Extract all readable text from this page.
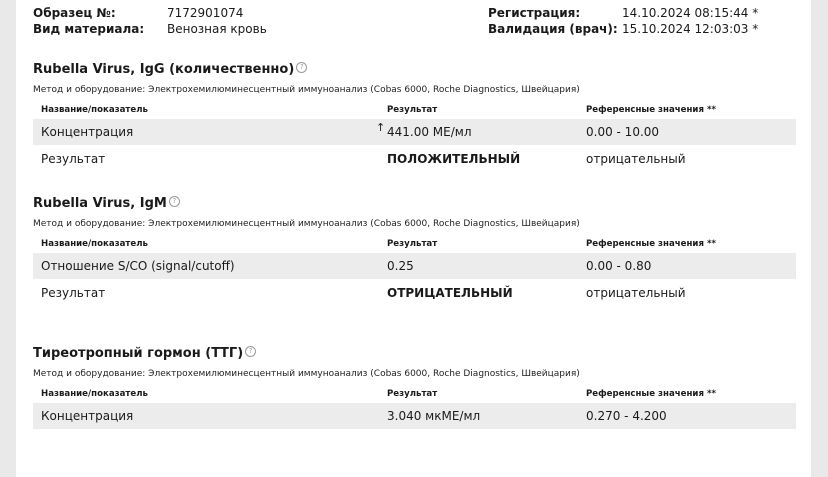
Образец №:	7172901074
Вид материала: Венозная кровь
Регистрация:	14.10.2024 08:15:44 *
Валидация (врач): 15.10.2024 12:03:03 *
Rubella Virus, IgG (количественно) ?
Метод и оборудование: Электрохемилюминесцентный иммуноанализ (Cobas 6000, Roche Diagnostics, Швейцария)
Название/показатель	Результат	Референсные значения **
Концентрация	↑ 441.00 МЕ/мл	0.00 - 10.00
Результат	ПОЛОЖИТЕЛЬНЫЙ	отрицательный
Rubella Virus, IgM ?
Метод и оборудование: Электрохемилюминесцентный иммуноанализ (Cobas 6000, Roche Diagnostics, Швейцария)
Название/показатель	Результат	Референсные значения **
Отношение S/CO (signal/cutoff)	0.25	0.00 - 0.80
Результат	ОТРИЦАТЕЛЬНЫЙ	отрицательный
Тиреотропный гормон (ТТГ) ?
Метод и оборудование: Электрохемилюминесцентный иммуноанализ (Cobas 6000, Roche Diagnostics, Швейцария)
Название/показатель	Результат	Референсные значения **
Концентрация	3.040 мкМЕ/мл	0.270 - 4.200
